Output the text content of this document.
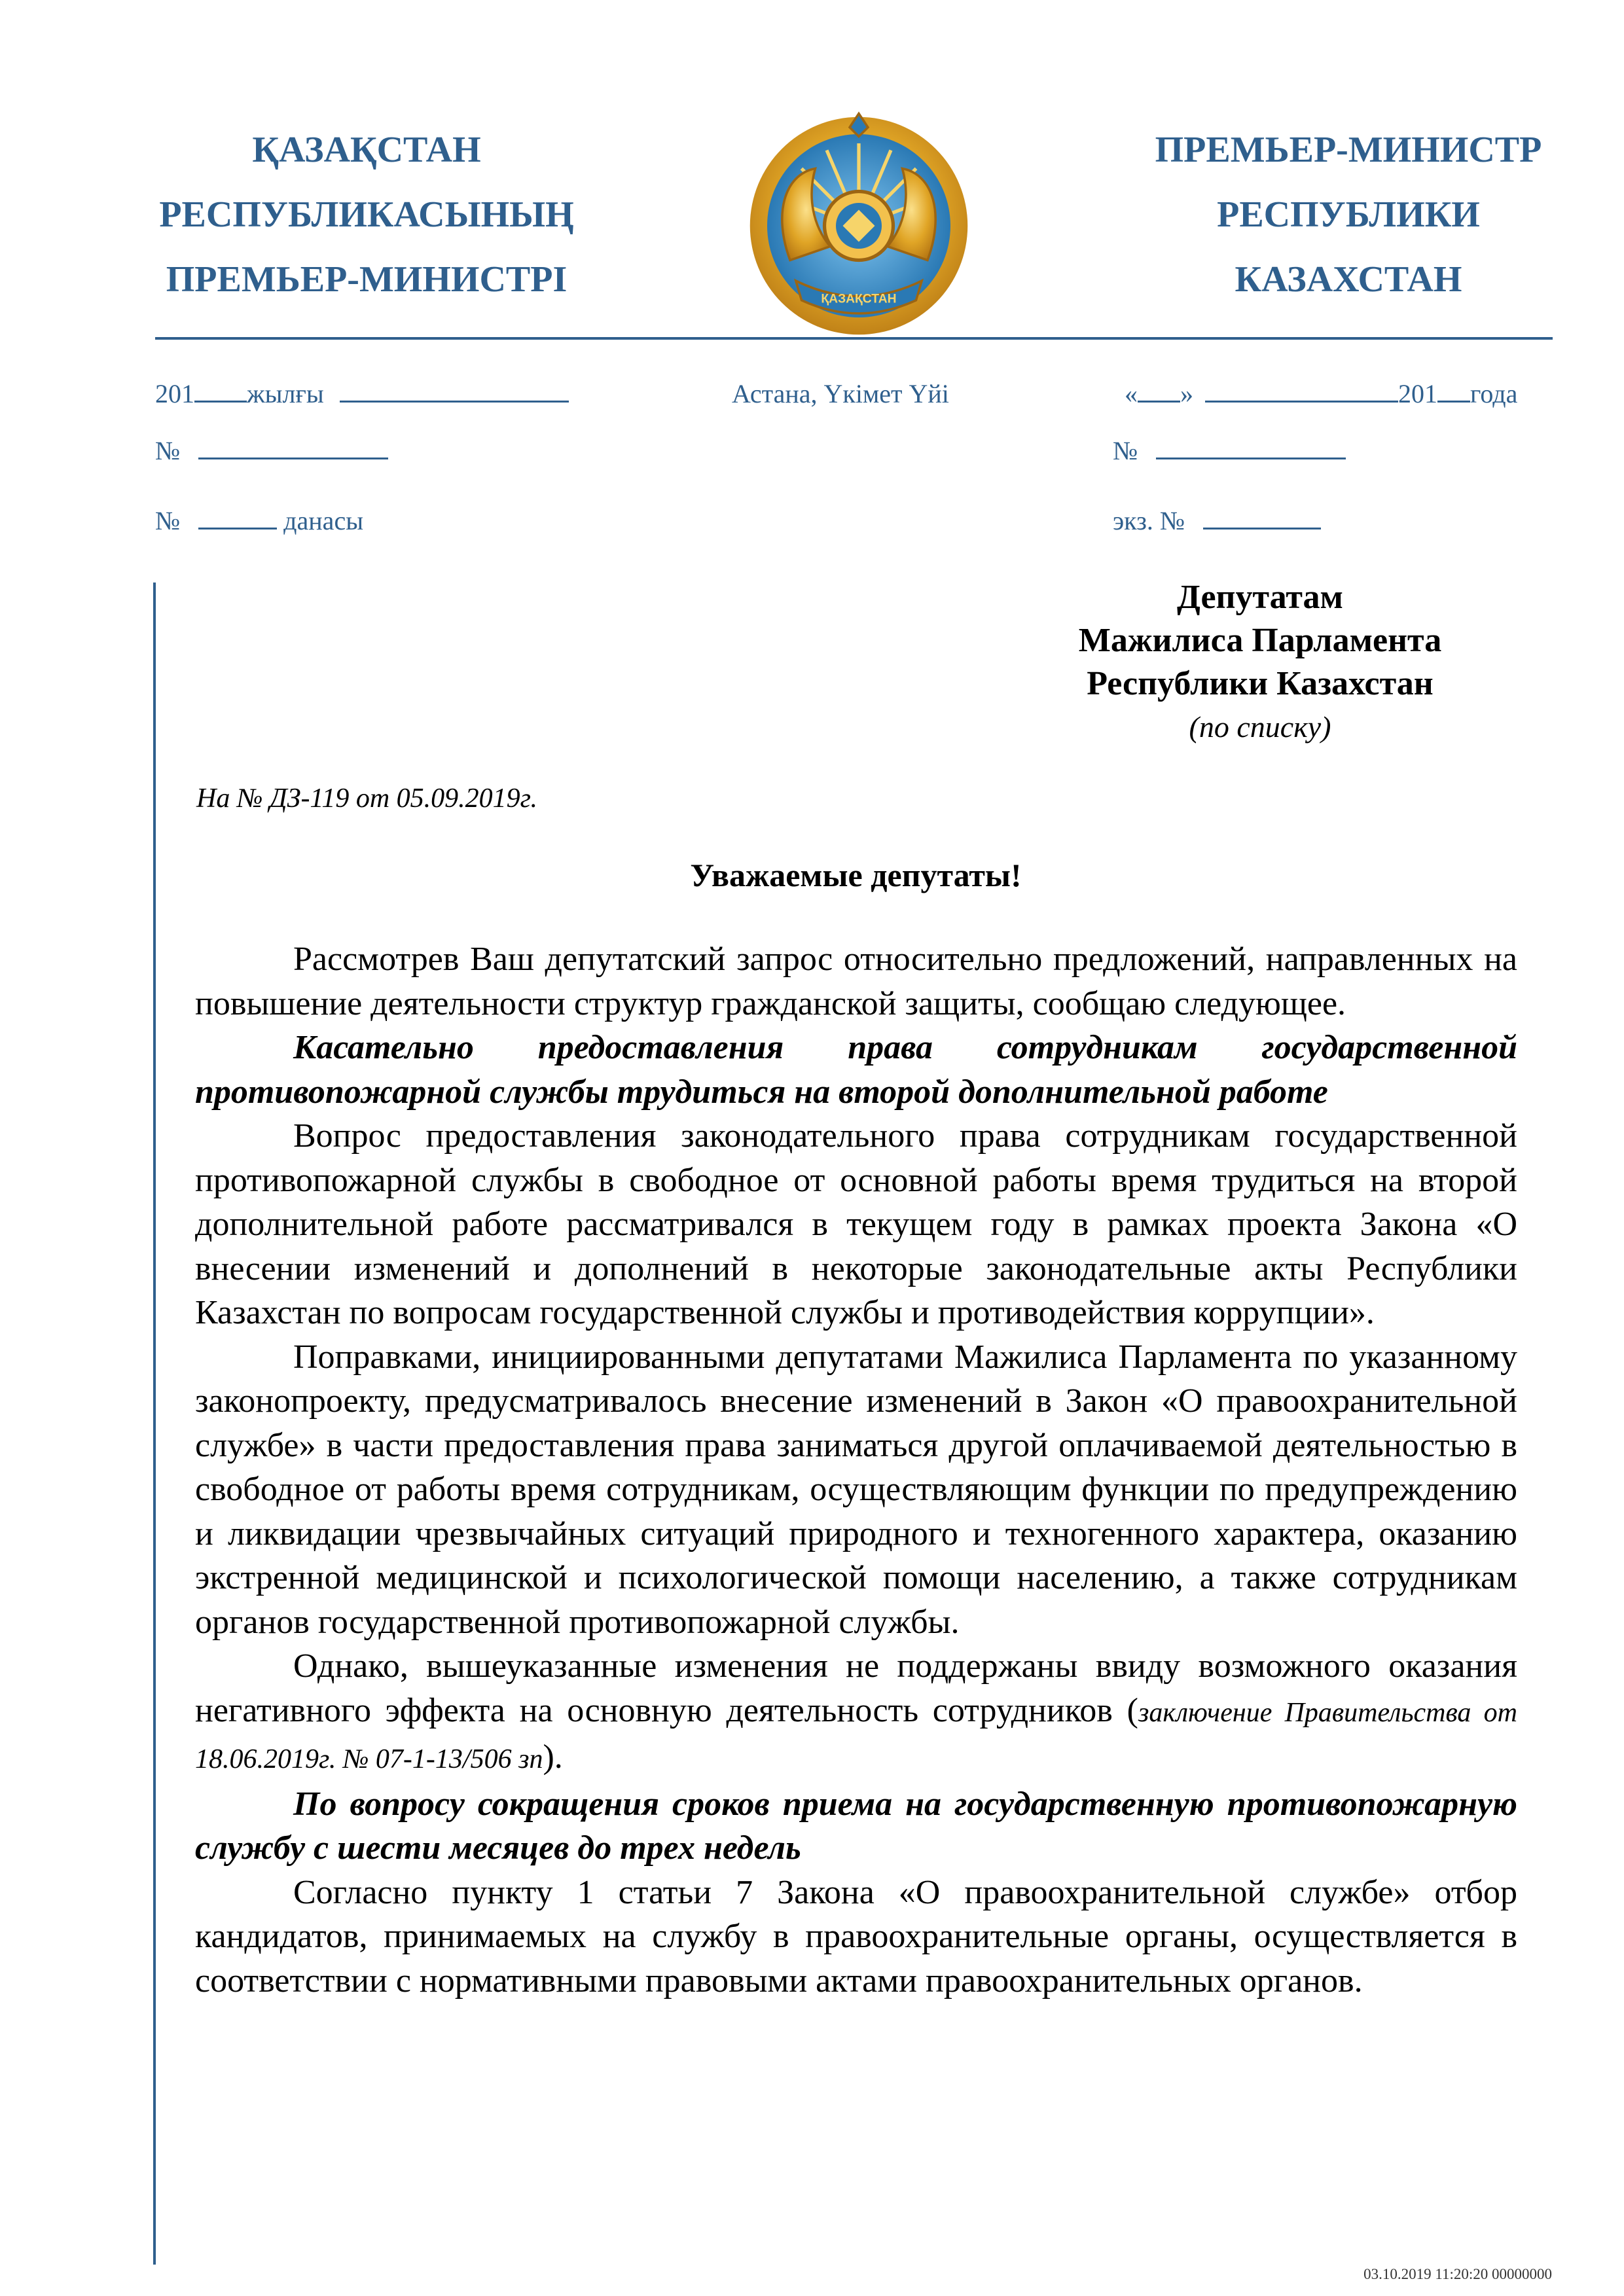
ҚАЗАҚСТАН
РЕСПУБЛИКАСЫНЫҢ
ПРЕМЬЕР-МИНИСТРІ	ҚАЗАҚСТАН
ПРЕМЬЕР-МИНИСТР
РЕСПУБЛИКИ
КАЗАХСТАН
201 жылғы	Астана, Үкімет Үйі	« »	201 года
№	№
№	данасы	экз. №
Депутатам
Мажилиса Парламента
Республики Казахстан
(по списку)
На № ДЗ-119 от 05.09.2019г.
Уважаемые депутаты!

Рассмотрев Ваш депутатский запрос относительно предложений, направленных на повышение деятельности структур гражданской защиты, сообщаю следующее.

Касательно предоставления права сотрудникам государственной противопожарной службы трудиться на второй дополнительной работе

Вопрос предоставления законодательного права сотрудникам государственной противопожарной службы в свободное от основной работы время трудиться на второй дополнительной работе рассматривался в текущем году в рамках проекта Закона «О внесении изменений и дополнений в некоторые законодательные акты Республики Казахстан по вопросам государственной службы и противодействия коррупции».

Поправками, инициированными депутатами Мажилиса Парламента по указанному законопроекту, предусматривалось внесение изменений в Закон «О правоохранительной службе» в части предоставления права заниматься другой оплачиваемой деятельностью в свободное от работы время сотрудникам, осуществляющим функции по предупреждению и ликвидации чрезвычайных ситуаций природного и техногенного характера, оказанию экстренной медицинской и психологической помощи населению, а также сотрудникам органов государственной противопожарной службы.

Однако, вышеуказанные изменения не поддержаны ввиду возможного оказания негативного эффекта на основную деятельность сотрудников (заключение Правительства от 18.06.2019г. № 07-1-13/506 зп).

По вопросу сокращения сроков приема на государственную противопожарную службу с шести месяцев до трех недель

Согласно пункту 1 статьи 7 Закона «О правоохранительной службе» отбор кандидатов, принимаемых на службу в правоохранительные органы, осуществляется в соответствии с нормативными правовыми актами правоохранительных органов.

03.10.2019 11:20:20 00000000
